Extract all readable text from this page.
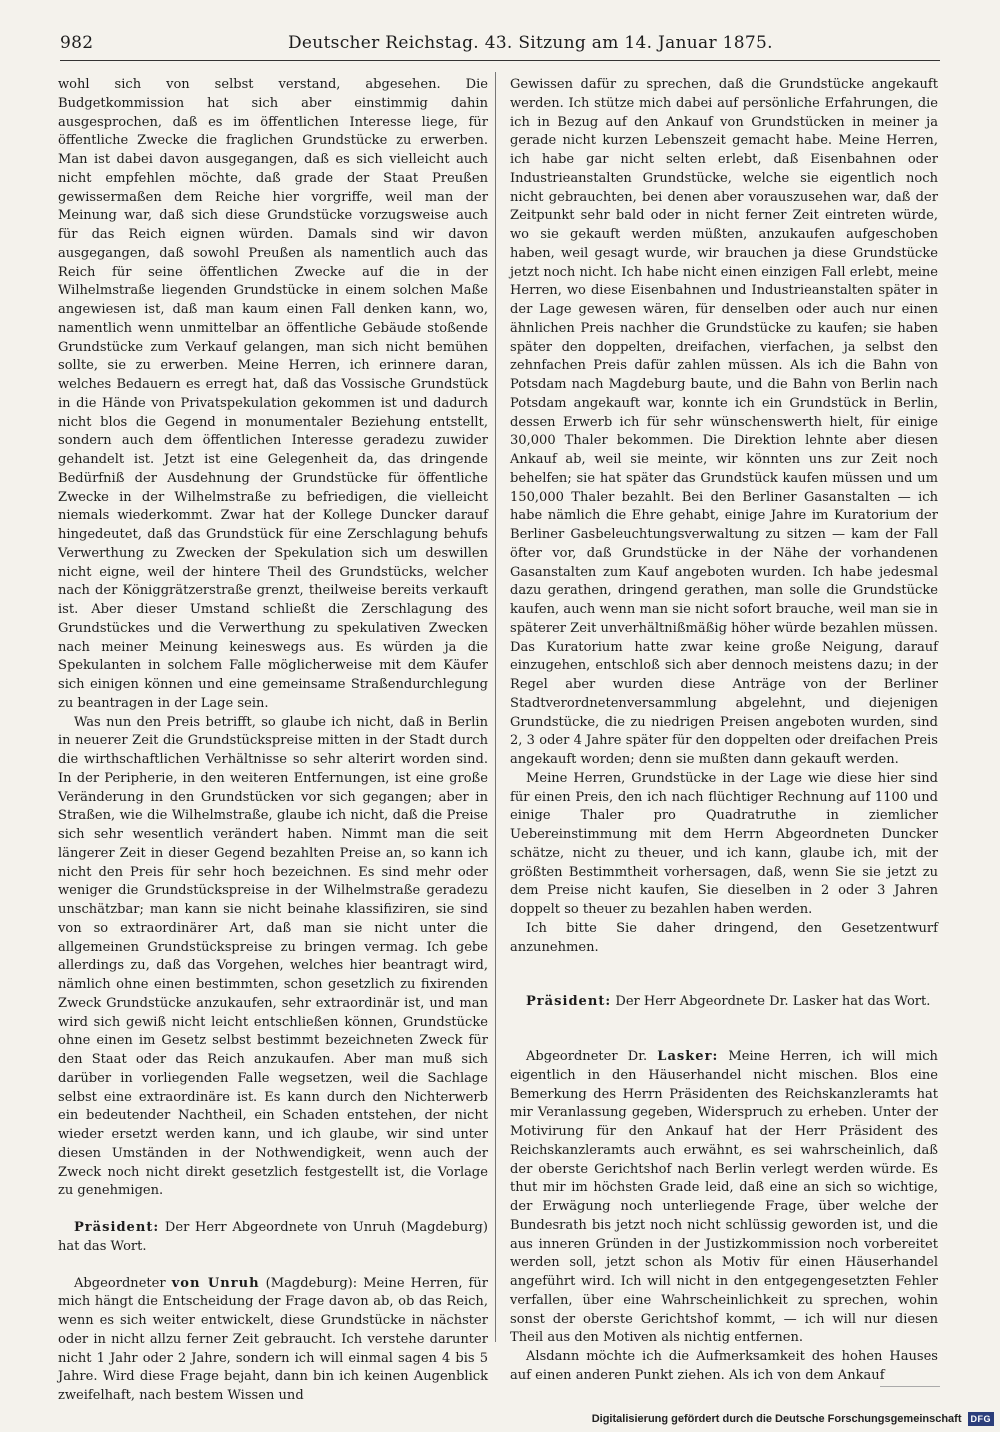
982	Deutscher Reichstag. 43. Sitzung am 14. Januar 1875.

wohl sich von selbst verstand, abgesehen. Die Budgetkommission hat sich aber einstimmig dahin ausgesprochen, daß es im öffentlichen Interesse liege, für öffentliche Zwecke die fraglichen Grundstücke zu erwerben. Man ist dabei davon ausgegangen, daß es sich vielleicht auch nicht empfehlen möchte, daß grade der Staat Preußen gewissermaßen dem Reiche hier vorgriffe, weil man der Meinung war, daß sich diese Grundstücke vorzugsweise auch für das Reich eignen würden. Damals sind wir davon ausgegangen, daß sowohl Preußen als namentlich auch das Reich für seine öffentlichen Zwecke auf die in der Wilhelmstraße liegenden Grundstücke in einem solchen Maße angewiesen ist, daß man kaum einen Fall denken kann, wo, namentlich wenn unmittelbar an öffentliche Gebäude stoßende Grundstücke zum Verkauf gelangen, man sich nicht bemühen sollte, sie zu erwerben. Meine Herren, ich erinnere daran, welches Bedauern es erregt hat, daß das Vossische Grundstück in die Hände von Privatspekulation gekommen ist und dadurch nicht blos die Gegend in monumentaler Beziehung entstellt, sondern auch dem öffentlichen Interesse geradezu zuwider gehandelt ist. Jetzt ist eine Gelegenheit da, das dringende Bedürfniß der Ausdehnung der Grundstücke für öffentliche Zwecke in der Wilhelmstraße zu befriedigen, die vielleicht niemals wiederkommt. Zwar hat der Kollege Duncker darauf hingedeutet, daß das Grundstück für eine Zerschlagung behufs Verwerthung zu Zwecken der Spekulation sich um deswillen nicht eigne, weil der hintere Theil des Grundstücks, welcher nach der Königgrätzerstraße grenzt, theilweise bereits verkauft ist. Aber dieser Umstand schließt die Zerschlagung des Grundstückes und die Verwerthung zu spekulativen Zwecken nach meiner Meinung keineswegs aus. Es würden ja die Spekulanten in solchem Falle möglicherweise mit dem Käufer sich einigen können und eine gemeinsame Straßendurchlegung zu beantragen in der Lage sein.

Was nun den Preis betrifft, so glaube ich nicht, daß in Berlin in neuerer Zeit die Grundstückspreise mitten in der Stadt durch die wirthschaftlichen Verhältnisse so sehr alterirt worden sind. In der Peripherie, in den weiteren Entfernungen, ist eine große Veränderung in den Grundstücken vor sich gegangen; aber in Straßen, wie die Wilhelmstraße, glaube ich nicht, daß die Preise sich sehr wesentlich verändert haben. Nimmt man die seit längerer Zeit in dieser Gegend bezahlten Preise an, so kann ich nicht den Preis für sehr hoch bezeichnen. Es sind mehr oder weniger die Grundstückspreise in der Wilhelmstraße geradezu unschätzbar; man kann sie nicht beinahe klassifiziren, sie sind von so extraordinärer Art, daß man sie nicht unter die allgemeinen Grundstückspreise zu bringen vermag. Ich gebe allerdings zu, daß das Vorgehen, welches hier beantragt wird, nämlich ohne einen bestimmten, schon gesetzlich zu fixirenden Zweck Grundstücke anzukaufen, sehr extraordinär ist, und man wird sich gewiß nicht leicht entschließen können, Grundstücke ohne einen im Gesetz selbst bestimmt bezeichneten Zweck für den Staat oder das Reich anzukaufen. Aber man muß sich darüber in vorliegenden Falle wegsetzen, weil die Sachlage selbst eine extraordinäre ist. Es kann durch den Nichterwerb ein bedeutender Nachtheil, ein Schaden entstehen, der nicht wieder ersetzt werden kann, und ich glaube, wir sind unter diesen Umständen in der Nothwendigkeit, wenn auch der Zweck noch nicht direkt gesetzlich festgestellt ist, die Vorlage zu genehmigen.

Präsident: Der Herr Abgeordnete von Unruh (Magdeburg) hat das Wort.

Abgeordneter von Unruh (Magdeburg): Meine Herren, für mich hängt die Entscheidung der Frage davon ab, ob das Reich, wenn es sich weiter entwickelt, diese Grundstücke in nächster oder in nicht allzu ferner Zeit gebraucht. Ich verstehe darunter nicht 1 Jahr oder 2 Jahre, sondern ich will einmal sagen 4 bis 5 Jahre. Wird diese Frage bejaht, dann bin ich keinen Augenblick zweifelhaft, nach bestem Wissen und

Gewissen dafür zu sprechen, daß die Grundstücke angekauft werden. Ich stütze mich dabei auf persönliche Erfahrungen, die ich in Bezug auf den Ankauf von Grundstücken in meiner ja gerade nicht kurzen Lebenszeit gemacht habe. Meine Herren, ich habe gar nicht selten erlebt, daß Eisenbahnen oder Industrieanstalten Grundstücke, welche sie eigentlich noch nicht gebrauchten, bei denen aber vorauszusehen war, daß der Zeitpunkt sehr bald oder in nicht ferner Zeit eintreten würde, wo sie gekauft werden müßten, anzukaufen aufgeschoben haben, weil gesagt wurde, wir brauchen ja diese Grundstücke jetzt noch nicht. Ich habe nicht einen einzigen Fall erlebt, meine Herren, wo diese Eisenbahnen und Industrieanstalten später in der Lage gewesen wären, für denselben oder auch nur einen ähnlichen Preis nachher die Grundstücke zu kaufen; sie haben später den doppelten, dreifachen, vierfachen, ja selbst den zehnfachen Preis dafür zahlen müssen. Als ich die Bahn von Potsdam nach Magdeburg baute, und die Bahn von Berlin nach Potsdam angekauft war, konnte ich ein Grundstück in Berlin, dessen Erwerb ich für sehr wünschenswerth hielt, für einige 30,000 Thaler bekommen. Die Direktion lehnte aber diesen Ankauf ab, weil sie meinte, wir könnten uns zur Zeit noch behelfen; sie hat später das Grundstück kaufen müssen und um 150,000 Thaler bezahlt. Bei den Berliner Gasanstalten — ich habe nämlich die Ehre gehabt, einige Jahre im Kuratorium der Berliner Gasbeleuchtungsverwaltung zu sitzen — kam der Fall öfter vor, daß Grundstücke in der Nähe der vorhandenen Gasanstalten zum Kauf angeboten wurden. Ich habe jedesmal dazu gerathen, dringend gerathen, man solle die Grundstücke kaufen, auch wenn man sie nicht sofort brauche, weil man sie in späterer Zeit unverhältnißmäßig höher würde bezahlen müssen. Das Kuratorium hatte zwar keine große Neigung, darauf einzugehen, entschloß sich aber dennoch meistens dazu; in der Regel aber wurden diese Anträge von der Berliner Stadtverordnetenversammlung abgelehnt, und diejenigen Grundstücke, die zu niedrigen Preisen angeboten wurden, sind 2, 3 oder 4 Jahre später für den doppelten oder dreifachen Preis angekauft worden; denn sie mußten dann gekauft werden.

Meine Herren, Grundstücke in der Lage wie diese hier sind für einen Preis, den ich nach flüchtiger Rechnung auf 1100 und einige Thaler pro Quadratruthe in ziemlicher Uebereinstimmung mit dem Herrn Abgeordneten Duncker schätze, nicht zu theuer, und ich kann, glaube ich, mit der größten Bestimmtheit vorhersagen, daß, wenn Sie sie jetzt zu dem Preise nicht kaufen, Sie dieselben in 2 oder 3 Jahren doppelt so theuer zu bezahlen haben werden.

Ich bitte Sie daher dringend, den Gesetzentwurf anzunehmen.

Präsident: Der Herr Abgeordnete Dr. Lasker hat das Wort.

Abgeordneter Dr. Lasker: Meine Herren, ich will mich eigentlich in den Häuserhandel nicht mischen. Blos eine Bemerkung des Herrn Präsidenten des Reichskanzleramts hat mir Veranlassung gegeben, Widerspruch zu erheben. Unter der Motivirung für den Ankauf hat der Herr Präsident des Reichskanzleramts auch erwähnt, es sei wahrscheinlich, daß der oberste Gerichtshof nach Berlin verlegt werden würde. Es thut mir im höchsten Grade leid, daß eine an sich so wichtige, der Erwägung noch unterliegende Frage, über welche der Bundesrath bis jetzt noch nicht schlüssig geworden ist, und die aus inneren Gründen in der Justizkommission noch vorbereitet werden soll, jetzt schon als Motiv für einen Häuserhandel angeführt wird. Ich will nicht in den entgegengesetzten Fehler verfallen, über eine Wahrscheinlichkeit zu sprechen, wohin sonst der oberste Gerichtshof kommt, — ich will nur diesen Theil aus den Motiven als nichtig entfernen.

Alsdann möchte ich die Aufmerksamkeit des hohen Hauses auf einen anderen Punkt ziehen. Als ich von dem Ankauf

Digitalisierung gefördert durch die Deutsche Forschungsgemeinschaft	DFG
